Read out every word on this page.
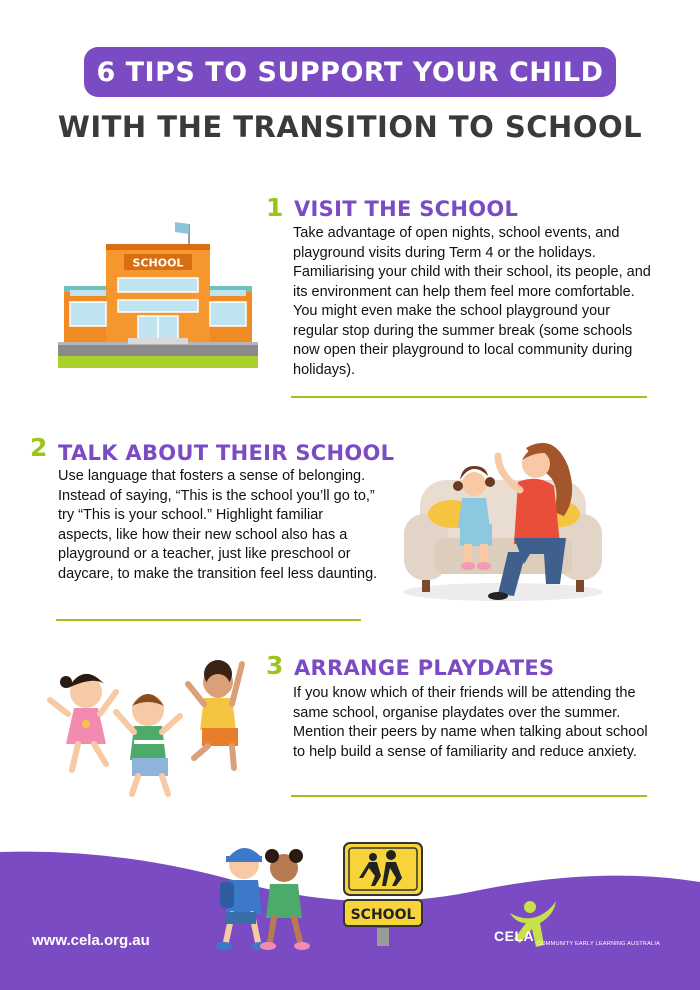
6 TIPS TO SUPPORT YOUR CHILD
WITH THE TRANSITION TO SCHOOL
SCHOOL
1 VISIT THE SCHOOL
Take advantage of open nights, school events, and playground visits during Term 4 or the holidays. Familiarising your child with their school, its people, and its environment can help them feel more comfortable. You might even make the school playground your regular stop during the summer break (some schools now open their playground to local community during holidays).
2 TALK ABOUT THEIR SCHOOL
Use language that fosters a sense of belonging. Instead of saying, “This is the school you’ll go to,” try “This is your school.” Highlight familiar aspects, like how their new school also has a playground or a teacher, just like preschool or daycare, to make the transition feel less daunting.
3 ARRANGE PLAYDATES
If you know which of their friends will be attending the same school, organise playdates over the summer. Mention their peers by name when talking about school to help build a sense of familiarity and reduce anxiety.
SCHOOL
www.cela.org.au	CELA COMMUNITY EARLY LEARNING AUSTRALIA
